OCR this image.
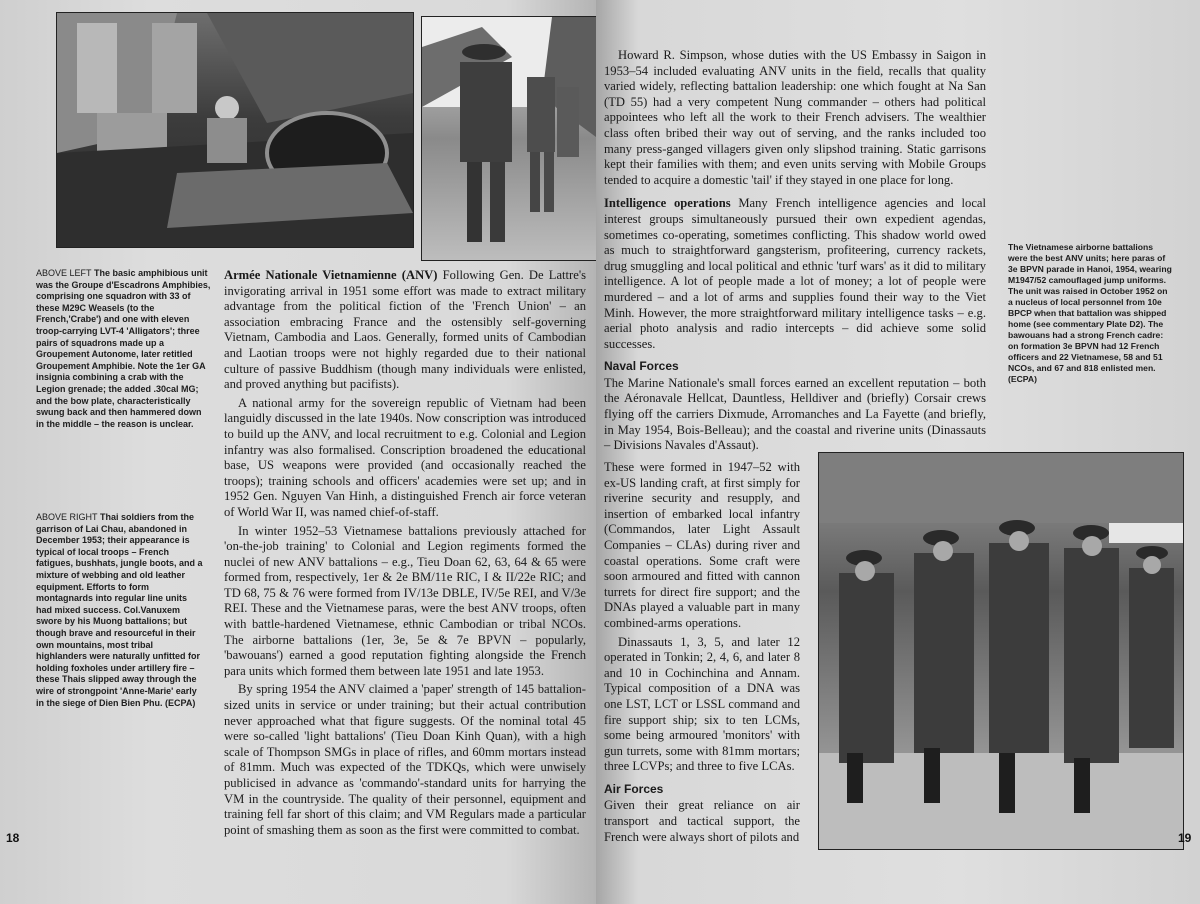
ABOVE LEFT The basic amphibious unit was the Groupe d'Escadrons Amphibies, comprising one squadron with 33 of these M29C Weasels (to the French,'Crabe') and one with eleven troop-carrying LVT-4 'Alligators'; three pairs of squadrons made up a Groupement Autonome, later retitled Groupement Amphibie. Note the 1er GA insignia combining a crab with the Legion grenade; the added .30cal MG; and the bow plate, characteristically swung back and then hammered down in the middle – the reason is unclear.

ABOVE RIGHT Thai soldiers from the garrison of Lai Chau, abandoned in December 1953; their appearance is typical of local troops – French fatigues, bushhats, jungle boots, and a mixture of webbing and old leather equipment. Efforts to form montagnards into regular line units had mixed success. Col.Vanuxem swore by his Muong battalions; but though brave and resourceful in their own mountains, most tribal highlanders were naturally unfitted for holding foxholes under artillery fire – these Thais slipped away through the wire of strongpoint 'Anne-Marie' early in the siege of Dien Bien Phu. (ECPA)

Armée Nationale Vietnamienne (ANV) Following Gen. De Lattre's invigorating arrival in 1951 some effort was made to extract military advantage from the political fiction of the 'French Union' – an association embracing France and the ostensibly self-governing Vietnam, Cambodia and Laos. Generally, formed units of Cambodian and Laotian troops were not highly regarded due to their national culture of passive Buddhism (though many individuals were enlisted, and proved anything but pacifists).

A national army for the sovereign republic of Vietnam had been languidly discussed in the late 1940s. Now conscription was introduced to build up the ANV, and local recruitment to e.g. Colonial and Legion infantry was also formalised. Conscription broadened the educational base, US weapons were provided (and occasionally reached the troops); training schools and officers' academies were set up; and in 1952 Gen. Nguyen Van Hinh, a distinguished French air force veteran of World War II, was named chief-of-staff.

In winter 1952–53 Vietnamese battalions previously attached for 'on-the-job training' to Colonial and Legion regiments formed the nuclei of new ANV battalions – e.g., Tieu Doan 62, 63, 64 & 65 were formed from, respectively, 1er & 2e BM/11e RIC, I & II/22e RIC; and TD 68, 75 & 76 were formed from IV/13e DBLE, IV/5e REI, and V/3e REI. These and the Vietnamese paras, were the best ANV troops, often with battle-hardened Vietnamese, ethnic Cambodian or tribal NCOs. The airborne battalions (1er, 3e, 5e & 7e BPVN – popularly, 'bawouans') earned a good reputation fighting alongside the French para units which formed them between late 1951 and late 1953.

By spring 1954 the ANV claimed a 'paper' strength of 145 battalion-sized units in service or under training; but their actual contribution never approached what that figure suggests. Of the nominal total 45 were so-called 'light battalions' (Tieu Doan Kinh Quan), with a high scale of Thompson SMGs in place of rifles, and 60mm mortars instead of 81mm. Much was expected of the TDKQs, which were unwisely publicised in advance as 'commando'-standard units for harrying the VM in the countryside. The quality of their personnel, equipment and training fell far short of this claim; and VM Regulars made a particular point of smashing them as soon as the first were committed to combat.

18

Howard R. Simpson, whose duties with the US Embassy in Saigon in 1953–54 included evaluating ANV units in the field, recalls that quality varied widely, reflecting battalion leadership: one which fought at Na San (TD 55) had a very competent Nung commander – others had political appointees who left all the work to their French advisers. The wealthier class often bribed their way out of serving, and the ranks included too many press-ganged villagers given only slipshod training. Static garrisons kept their families with them; and even units serving with Mobile Groups tended to acquire a domestic 'tail' if they stayed in one place for long.

Intelligence operations Many French intelligence agencies and local interest groups simultaneously pursued their own expedient agendas, sometimes co-operating, sometimes conflicting. This shadow world owed as much to straightforward gangsterism, profiteering, currency rackets, drug smuggling and local political and ethnic 'turf wars' as it did to military intelligence. A lot of people made a lot of money; a lot of people were murdered – and a lot of arms and supplies found their way to the Viet Minh. However, the more straightforward military intelligence tasks – e.g. aerial photo analysis and radio intercepts – did achieve some solid successes.

Naval Forces

The Marine Nationale's small forces earned an excellent reputation – both the Aéronavale Hellcat, Dauntless, Helldiver and (briefly) Corsair crews flying off the carriers Dixmude, Arromanches and La Fayette (and briefly, in May 1954, Bois-Belleau); and the coastal and riverine units (Dinassauts – Divisions Navales d'Assaut).

These were formed in 1947–52 with ex-US landing craft, at first simply for riverine security and resupply, and insertion of embarked local infantry (Commandos, later Light Assault Companies – CLAs) during river and coastal operations. Some craft were soon armoured and fitted with cannon turrets for direct fire support; and the DNAs played a valuable part in many combined-arms operations.

Dinassauts 1, 3, 5, and later 12 operated in Tonkin; 2, 4, 6, and later 8 and 10 in Cochinchina and Annam. Typical composition of a DNA was one LST, LCT or LSSL command and fire support ship; six to ten LCMs, some being armoured 'monitors' with gun turrets, some with 81mm mortars; three LCVPs; and three to five LCAs.

Air Forces

Given their great reliance on air transport and tactical support, the French were always short of pilots and

The Vietnamese airborne battalions were the best ANV units; here paras of 3e BPVN parade in Hanoi, 1954, wearing M1947/52 camouflaged jump uniforms. The unit was raised in October 1952 on a nucleus of local personnel from 10e BPCP when that battalion was shipped home (see commentary Plate D2). The bawouans had a strong French cadre: on formation 3e BPVN had 12 French officers and 22 Vietnamese, 58 and 51 NCOs, and 67 and 818 enlisted men. (ECPA)

19
